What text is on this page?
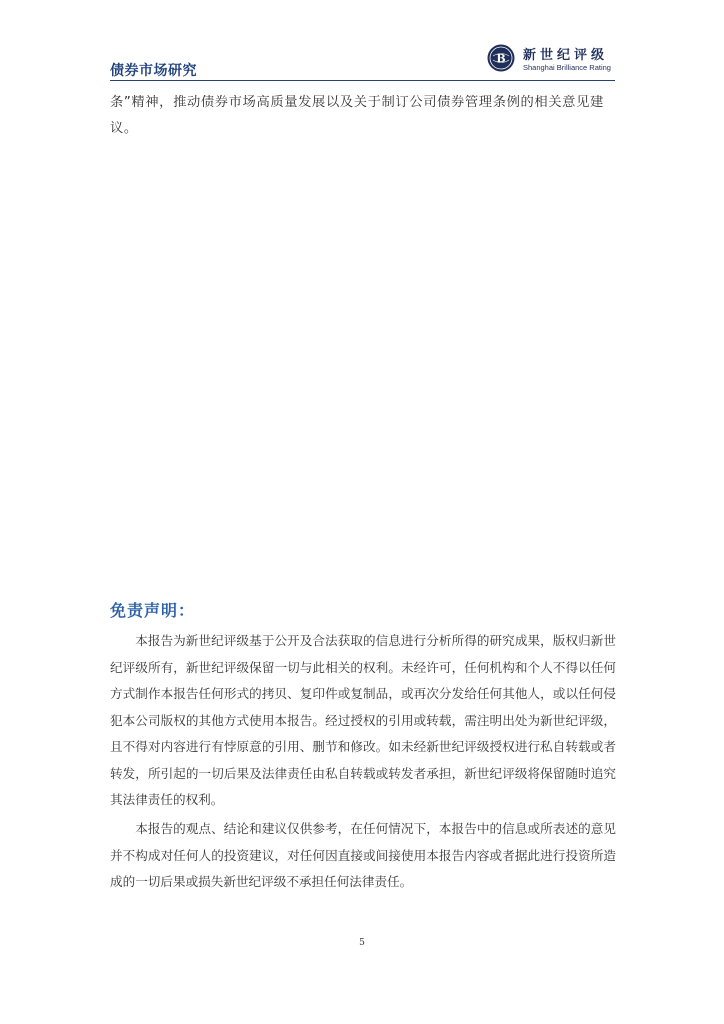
债券市场研究
B 新世纪评级
Shanghai Brilliance Rating
条”精神，推动债券市场高质量发展以及关于制订公司债券管理条例的相关意见建议。
免责声明：
本报告为新世纪评级基于公开及合法获取的信息进行分析所得的研究成果，版权归新世纪评级所有，新世纪评级保留一切与此相关的权利。未经许可，任何机构和个人不得以任何方式制作本报告任何形式的拷贝、复印件或复制品，或再次分发给任何其他人，或以任何侵犯本公司版权的其他方式使用本报告。经过授权的引用或转载，需注明出处为新世纪评级，且不得对内容进行有悖原意的引用、删节和修改。如未经新世纪评级授权进行私自转载或者转发，所引起的一切后果及法律责任由私自转载或转发者承担，新世纪评级将保留随时追究其法律责任的权利。
本报告的观点、结论和建议仅供参考，在任何情况下，本报告中的信息或所表述的意见并不构成对任何人的投资建议，对任何因直接或间接使用本报告内容或者据此进行投资所造成的一切后果或损失新世纪评级不承担任何法律责任。
5
